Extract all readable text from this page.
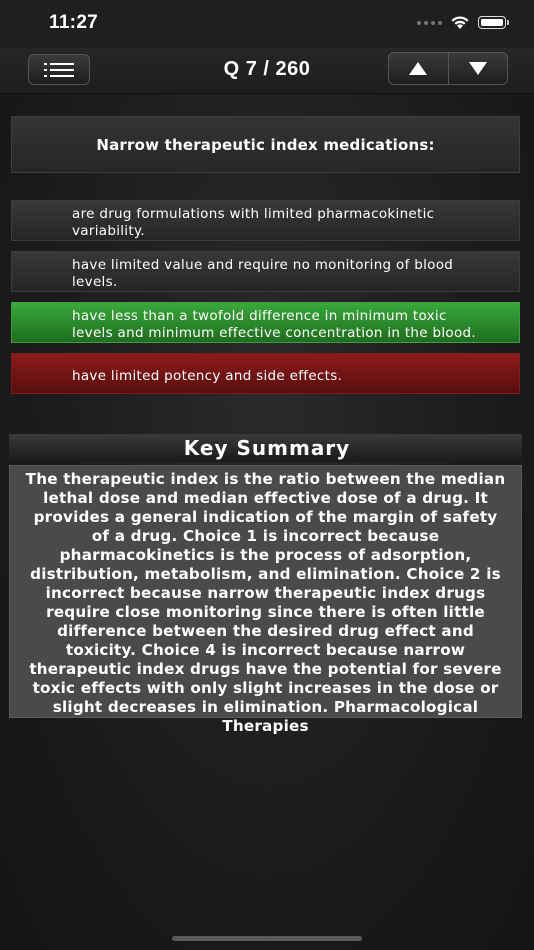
11:27
Q 7 / 260
Narrow therapeutic index medications:
are drug formulations with limited pharmacokinetic variability.
have limited value and require no monitoring of blood levels.
have less than a twofold difference in minimum toxic levels and minimum effective concentration in the blood.
have limited potency and side effects.
Key Summary
The therapeutic index is the ratio between the median lethal dose and median effective dose of a drug. It provides a general indication of the margin of safety of a drug. Choice 1 is incorrect because pharmacokinetics is the process of adsorption, distribution, metabolism, and elimination. Choice 2 is incorrect because narrow therapeutic index drugs require close monitoring since there is often little difference between the desired drug effect and toxicity. Choice 4 is incorrect because narrow therapeutic index drugs have the potential for severe toxic effects with only slight increases in the dose or slight decreases in elimination. Pharmacological Therapies
